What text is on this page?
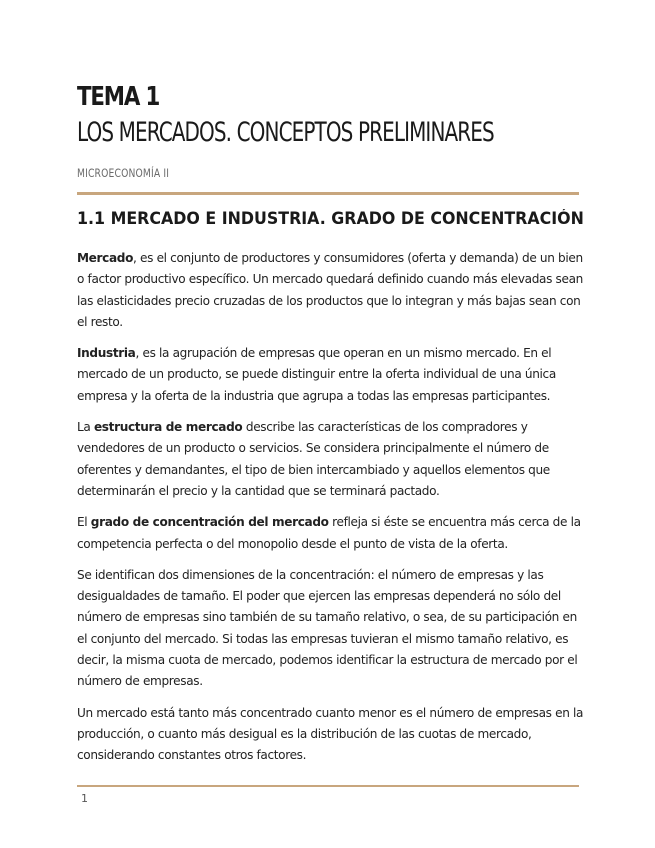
TEMA 1
LOS MERCADOS. CONCEPTOS PRELIMINARES
MICROECONOMÍA II
1.1 MERCADO E INDUSTRIA. GRADO DE CONCENTRACIÓN

Mercado, es el conjunto de productores y consumidores (oferta y demanda) de un bien o factor productivo específico. Un mercado quedará definido cuando más elevadas sean las elasticidades precio cruzadas de los productos que lo integran y más bajas sean con el resto.

Industria, es la agrupación de empresas que operan en un mismo mercado. En el mercado de un producto, se puede distinguir entre la oferta individual de una única empresa y la oferta de la industria que agrupa a todas las empresas participantes.

La estructura de mercado describe las características de los compradores y vendedores de un producto o servicios. Se considera principalmente el número de oferentes y demandantes, el tipo de bien intercambiado y aquellos elementos que determinarán el precio y la cantidad que se terminará pactado.

El grado de concentración del mercado refleja si éste se encuentra más cerca de la competencia perfecta o del monopolio desde el punto de vista de la oferta.

Se identifican dos dimensiones de la concentración: el número de empresas y las desigualdades de tamaño. El poder que ejercen las empresas dependerá no sólo del número de empresas sino también de su tamaño relativo, o sea, de su participación en el conjunto del mercado. Si todas las empresas tuvieran el mismo tamaño relativo, es decir, la misma cuota de mercado, podemos identificar la estructura de mercado por el número de empresas.

Un mercado está tanto más concentrado cuanto menor es el número de empresas en la producción, o cuanto más desigual es la distribución de las cuotas de mercado, considerando constantes otros factores.

1
